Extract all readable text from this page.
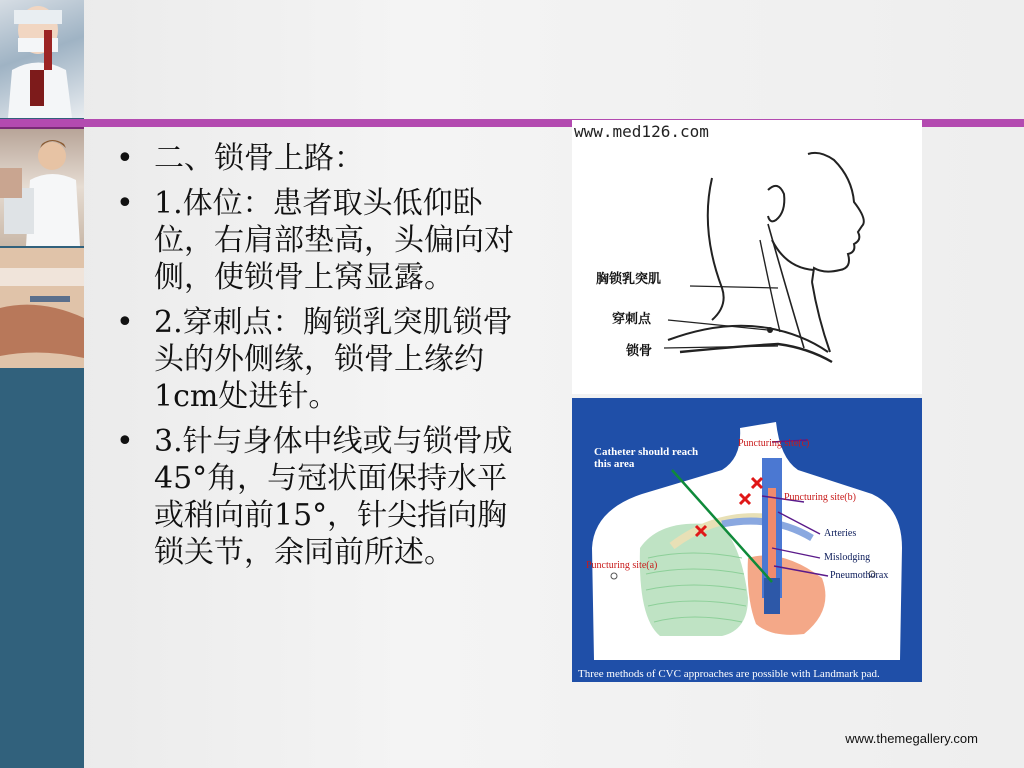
• 二、锁骨上路：
• 1.体位：患者取头低仰卧位，右肩部垫高，头偏向对侧，使锁骨上窝显露。
• 2.穿刺点：胸锁乳突肌锁骨头的外侧缘，锁骨上缘约1cm处进针。
• 3.针与身体中线或与锁骨成45°角，与冠状面保持水平或稍向前15°，针尖指向胸锁关节，余同前所述。
www.med126.com
胸锁乳突肌
穿刺点
锁骨
Catheter should reach this area
Puncturing site(c)
Puncturing site(b)
Puncturing site(a)
Arteries
Mislodging
Pneumothorax
Three methods of CVC approaches are possible with Landmark pad.
www.themegallery.com
